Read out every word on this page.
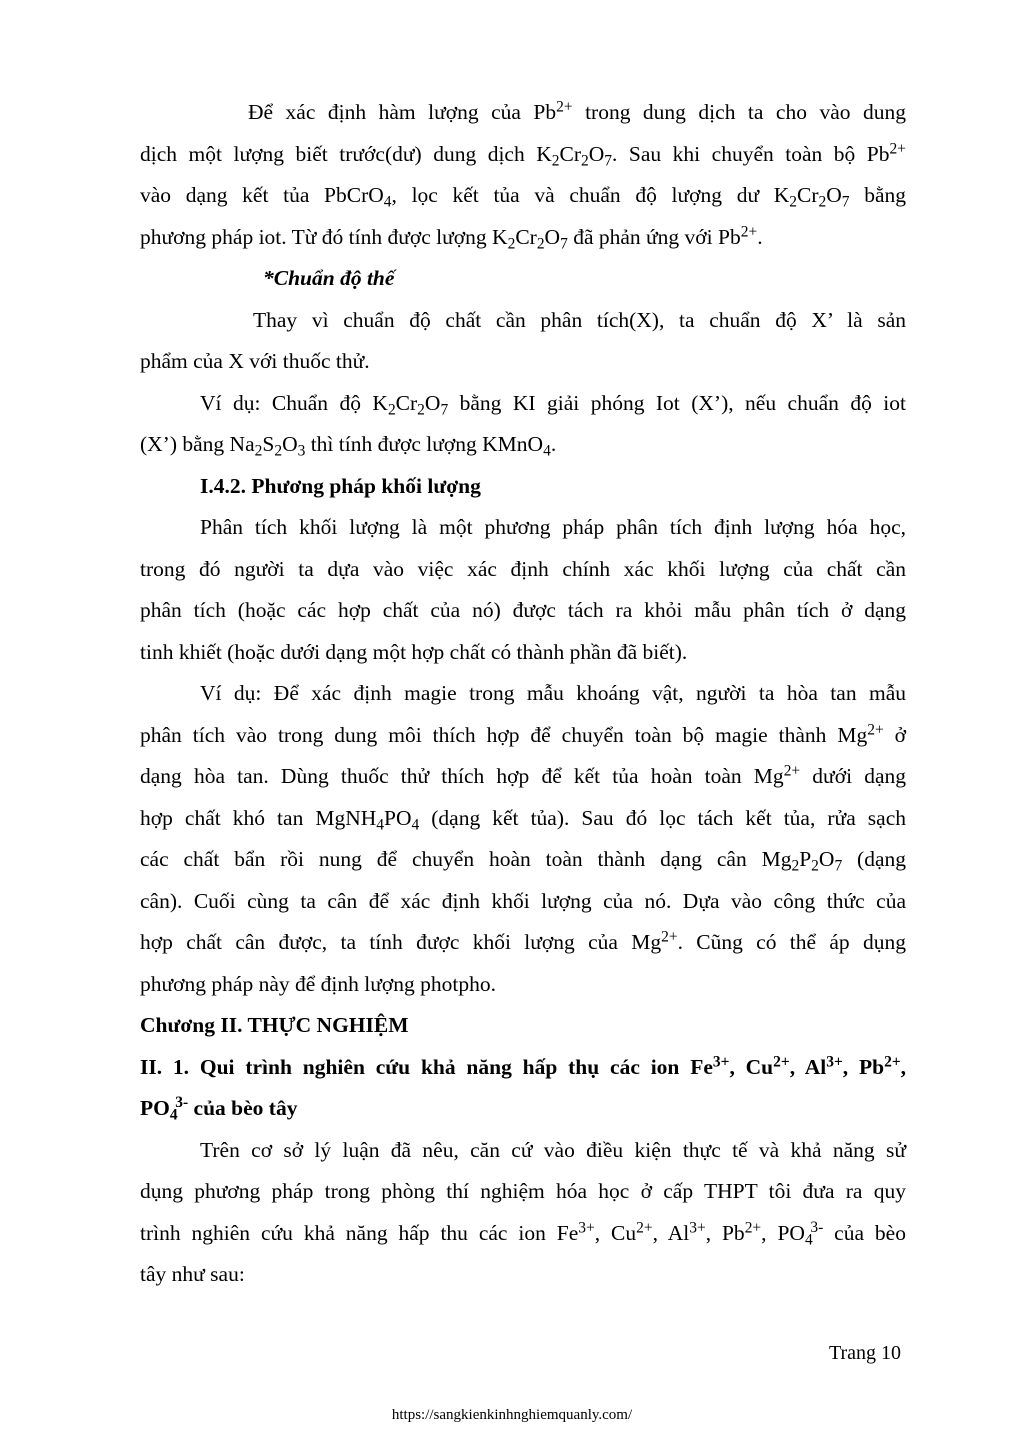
Để xác định hàm lượng của $Pb^{2+}$ trong dung dịch ta cho vào dung
dịch một lượng biết trước(dư) dung dịch $K_2Cr_2O_7$. Sau khi chuyển toàn bộ $Pb^{2+}$
vào dạng kết tủa PbCrO$_4$, lọc kết tủa và chuẩn độ lượng dư $K_2Cr_2O_7$ bằng
phương pháp iot. Từ đó tính được lượng $K_2Cr_2O_7$ đã phản ứng với $Pb^{2+}$.
*Chuẩn độ thế
Thay vì chuẩn độ chất cần phân tích(X), ta chuẩn độ X’ là sản
phẩm của X với thuốc thử.
Ví dụ: Chuẩn độ $K_2Cr_2O_7$ bằng KI giải phóng Iot (X’), nếu chuẩn độ iot
(X’) bằng $Na_2S_2O_3$ thì tính được lượng KMnO$_4$.
I.4.2. Phương pháp khối lượng
Phân tích khối lượng là một phương pháp phân tích định lượng hóa học,
trong đó người ta dựa vào việc xác định chính xác khối lượng của chất cần
phân tích (hoặc các hợp chất của nó) được tách ra khỏi mẫu phân tích ở dạng
tinh khiết (hoặc dưới dạng một hợp chất có thành phần đã biết).
Ví dụ: Để xác định magie trong mẫu khoáng vật, người ta hòa tan mẫu
phân tích vào trong dung môi thích hợp để chuyển toàn bộ magie thành $Mg^{2+}$ ở
dạng hòa tan. Dùng thuốc thử thích hợp để kết tủa hoàn toàn $Mg^{2+}$ dưới dạng
hợp chất khó $\tan MgNH_4PO_4$ (dạng kết tủa). Sau đó lọc tách kết tủa, rửa sạch
các chất bẩn rồi nung để chuyển hoàn toàn thành dạng cân $Mg_2P_2O_7$ (dạng
cân). Cuối cùng ta cân để xác định khối lượng của nó. Dựa vào công thức của
hợp chất cân được, ta tính được khối lượng của $Mg^{2+}$. Cũng có thể áp dụng
phương pháp này để định lượng photpho.
Chương II. THỰC NGHIỆM
II. 1. Qui trình nghiên cứu khả năng hấp thụ các ion $Fe^{3+}$, $Cu^{2+}$, $Al^{3+}$, $Pb^{2+}$,
$PO_4^{3-}$ của bèo tây
Trên cơ sở lý luận đã nêu, căn cứ vào điều kiện thực tế và khả năng sử
dụng phương pháp trong phòng thí nghiệm hóa học ở cấp THPT tôi đưa ra quy
trình nghiên cứu khả năng hấp thu các ion $Fe^{3+}$, $Cu^{2+}$, $Al^{3+}$, $Pb^{2+}$, $PO_4^{3-}$ của bèo
tây như sau:
Trang 10
https://sangkienkinhnghiemquanly.com/
